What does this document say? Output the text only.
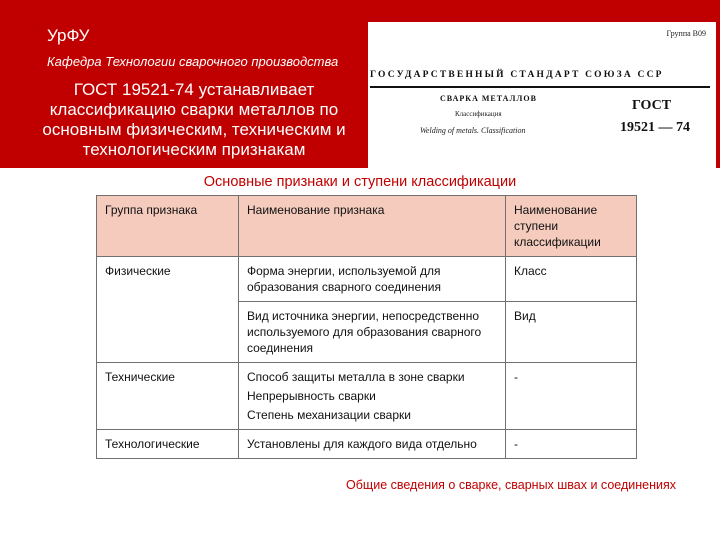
УрФУ
Кафедра Технологии сварочного производства
ГОСТ 19521-74 устанавливает классификацию сварки металлов по основным физическим, техническим и технологическим признакам
Группа В09
ГОСУДАРСТВЕННЫЙ СТАНДАРТ СОЮЗА ССР
СВАРКА МЕТАЛЛОВ
Классификация
Welding of metals. Classification
ГОСТ
19521 — 74
Основные признаки и ступени классификации
Группа признака	Наименование признака	Наименование ступени классификации
Физические	Форма энергии, используемой для образования сварного соединения	Класс
	Вид источника энергии, непосредственно используемого для образования сварного соединения	Вид
Технические	Способ защиты металла в зоне сварки
Непрерывность сварки
Степень механизации сварки	-
Технологические	Установлены для каждого вида отдельно	-
Общие сведения о сварке, сварных швах и соединениях
